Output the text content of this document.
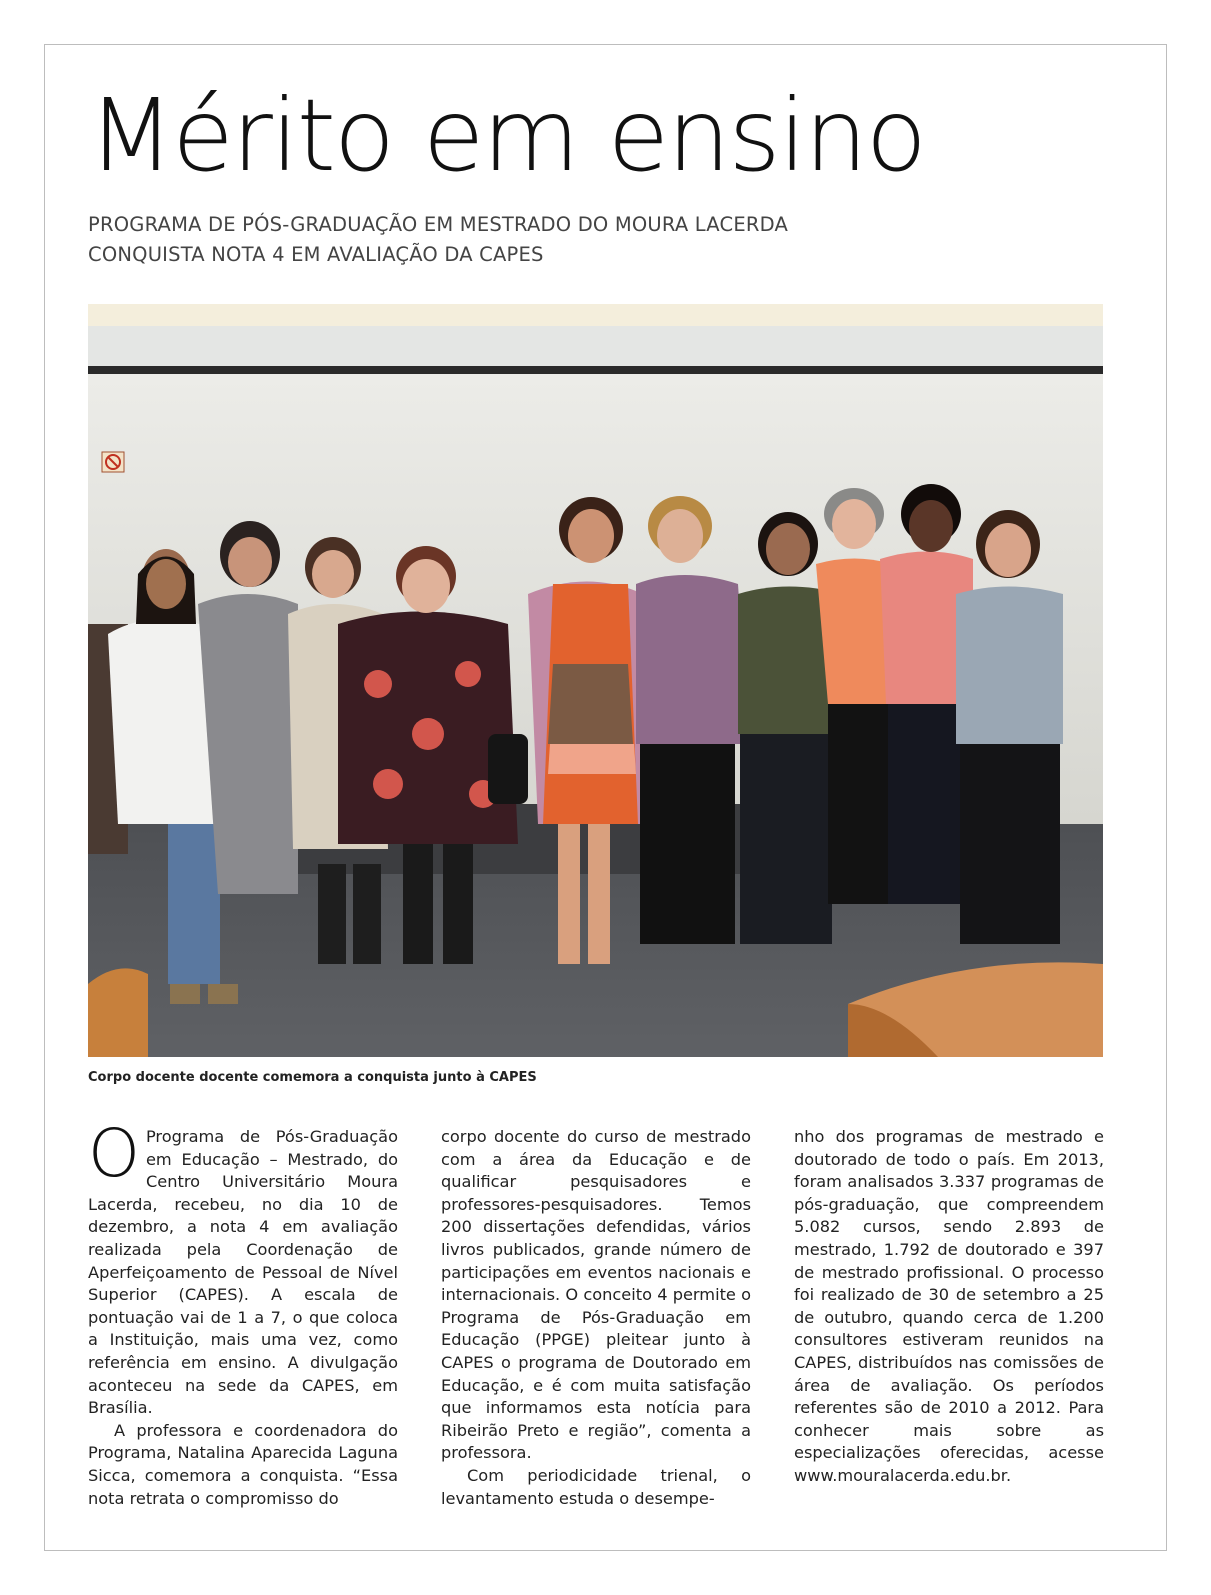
Mérito em ensino
PROGRAMA DE PÓS-GRADUAÇÃO EM MESTRADO DO MOURA LACERDA
CONQUISTA NOTA 4 EM AVALIAÇÃO DA CAPES

Corpo docente docente comemora a conquista junto à CAPES

O Programa de Pós-Graduação em Educação – Mestrado, do Centro Universitário Moura Lacerda, recebeu, no dia 10 de dezembro, a nota 4 em avaliação realizada pela Coordenação de Aperfeiçoamento de Pessoal de Nível Superior (CAPES). A escala de pontuação vai de 1 a 7, o que coloca a Instituição, mais uma vez, como referência em ensino. A divulgação aconteceu na sede da CAPES, em Brasília.

A professora e coordenadora do Programa, Natalina Aparecida Laguna Sicca, comemora a conquista. “Essa nota retrata o compromisso do

corpo docente do curso de mestrado com a área da Educação e de qualificar pesquisadores e professores-pesquisadores. Temos 200 dissertações defendidas, vários livros publicados, grande número de participações em eventos nacionais e internacionais. O conceito 4 permite o Programa de Pós-Graduação em Educação (PPGE) pleitear junto à CAPES o programa de Doutorado em Educação, e é com muita satisfação que informamos esta notícia para Ribeirão Preto e região”, comenta a professora.

Com periodicidade trienal, o levantamento estuda o desempe-

nho dos programas de mestrado e doutorado de todo o país. Em 2013, foram analisados 3.337 programas de pós-graduação, que compreendem 5.082 cursos, sendo 2.893 de mestrado, 1.792 de doutorado e 397 de mestrado profissional. O processo foi realizado de 30 de setembro a 25 de outubro, quando cerca de 1.200 consultores estiveram reunidos na CAPES, distribuídos nas comissões de área de avaliação. Os períodos referentes são de 2010 a 2012. Para conhecer mais sobre as especializações oferecidas, acesse www.mouralacerda.edu.br.
